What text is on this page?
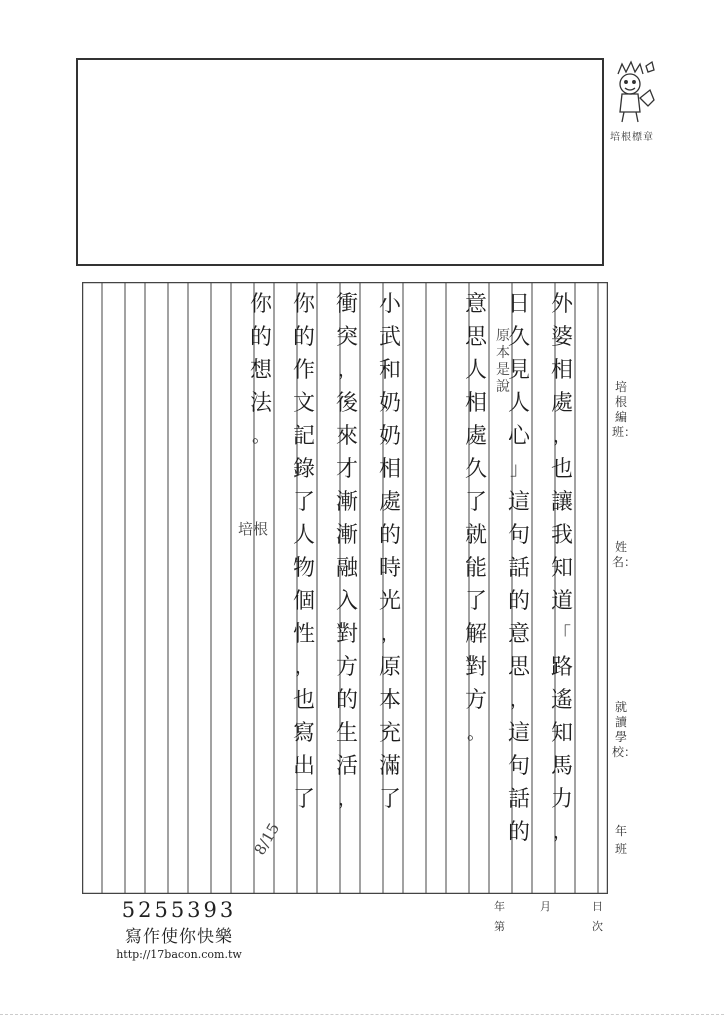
培根標章
外
婆
相
處
，
也
讓
我
知
道
「
路
遙
知
馬
力
，
日
久
見
人
心
」
這
句
話
的
意
思
，
這
句
話
的
意
思
人
相
處
久
了
就
能
了
解
對
方
。
小
武
和
奶
奶
相
處
的
時
光
，
原
本
充
滿
了
衝
突
，
後
來
才
漸
漸
融
入
對
方
的
生
活
，
你
的
作
文
記
錄
了
人
物
個
性
，
也
寫
出
了
你
的
想
法
。
原本是說
培根
8/15
培根編班：
姓名：
就讀學校：
年 班
年	月	日
第	次
5255393
寫作使你快樂
http://17bacon.com.tw
